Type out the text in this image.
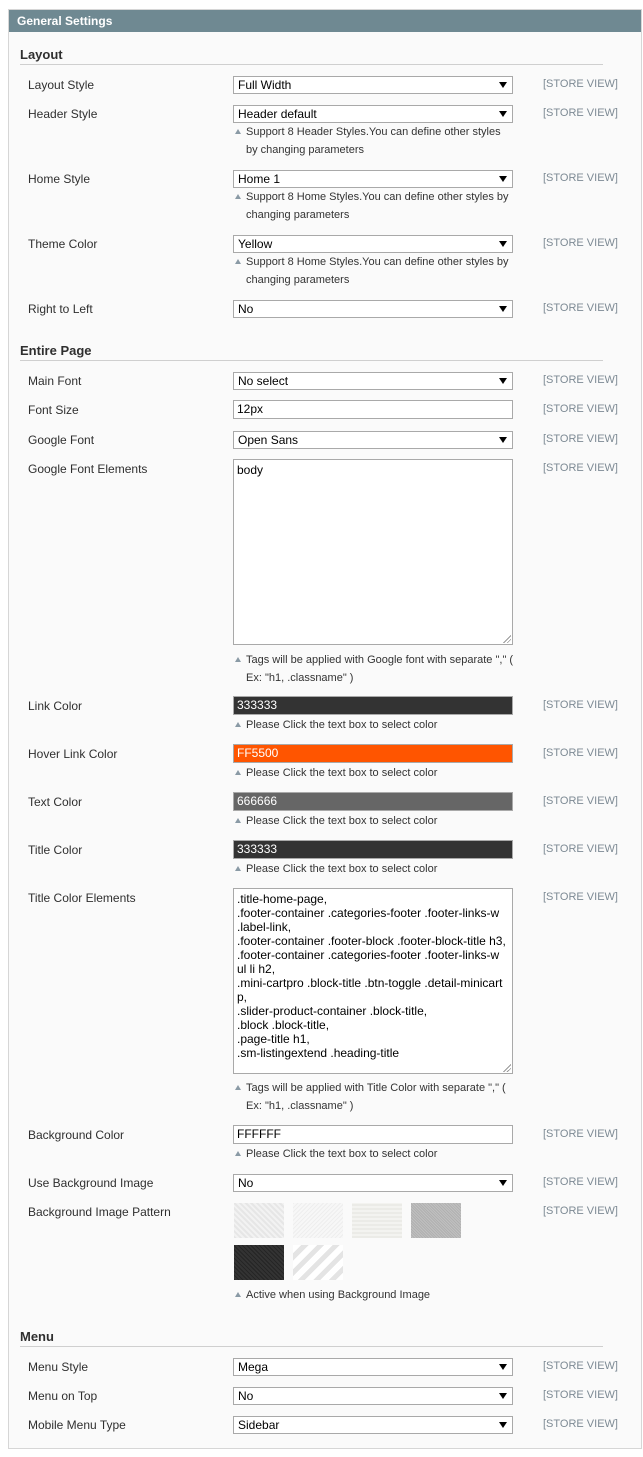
General Settings
Layout
Layout Style	Full Width	[STORE VIEW]
Header Style	Header default	[STORE VIEW]
Support 8 Header Styles.You can define other styles
by changing parameters
Home Style	Home 1	[STORE VIEW]
Support 8 Home Styles.You can define other styles by
changing parameters
Theme Color	Yellow	[STORE VIEW]
Support 8 Home Styles.You can define other styles by
changing parameters
Right to Left	No	[STORE VIEW]
Entire Page
Main Font	No select	[STORE VIEW]
Font Size	12px	[STORE VIEW]
Google Font	Open Sans	[STORE VIEW]
Google Font Elements	body	[STORE VIEW]
Tags will be applied with Google font with separate "," (
Ex: "h1, .classname" )
Link Color	333333	[STORE VIEW]
Please Click the text box to select color
Hover Link Color	FF5500	[STORE VIEW]
Please Click the text box to select color
Text Color	666666	[STORE VIEW]
Please Click the text box to select color
Title Color	333333	[STORE VIEW]
Please Click the text box to select color
Title Color Elements	.title-home-page,
.footer-container .categories-footer .footer-links-w
.label-link,
.footer-container .footer-block .footer-block-title h3,
.footer-container .categories-footer .footer-links-w
ul li h2,
.mini-cartpro .block-title .btn-toggle .detail-minicart
p,
.slider-product-container .block-title,
.block .block-title,
.page-title h1,
.sm-listingextend .heading-title
[STORE VIEW]
Tags will be applied with Title Color with separate "," (
Ex: "h1, .classname" )
Background Color	FFFFFF	[STORE VIEW]
Please Click the text box to select color
Use Background Image	No	[STORE VIEW]
Background Image Pattern	[STORE VIEW]
Active when using Background Image
Menu
Menu Style	Mega	[STORE VIEW]
Menu on Top	No	[STORE VIEW]
Mobile Menu Type	Sidebar	[STORE VIEW]
